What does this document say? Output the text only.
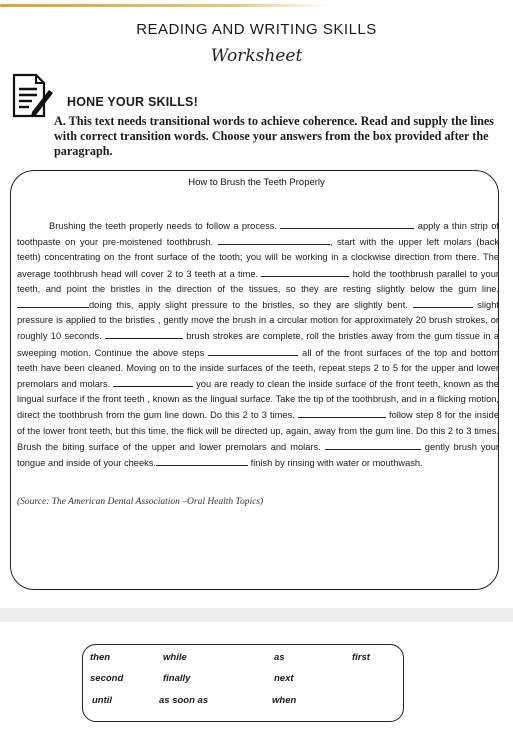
READING AND WRITING SKILLS
Worksheet
HONE YOUR SKILLS!
A. This text needs transitional words to achieve coherence. Read and supply the lines with correct transition words. Choose your answers from the box provided after the paragraph.
How to Brush the Teeth Properly

Brushing the teeth properly needs to follow a process.	apply a thin strip of toothpaste on your pre-moistened toothbrush.	, start with the upper left molars (back teeth) concentrating on the front surface of the tooth; you will be working in a clockwise direction from there. The average toothbrush head will cover 2 to 3 teeth at a time.	hold the toothbrush parallel to your teeth, and point the bristles in the direction of the tissues, so they are resting slightly below the gum line. doing this, apply slight pressure to the bristles, so they are slightly bent.	slight pressure is applied to the bristles , gently move the brush in a circular motion for approximately 20 brush strokes, or roughly 10 seconds.	brush strokes are complete, roll the bristles away from the gum tissue in a sweeping motion. Continue the above steps	all of the front surfaces of the top and bottom teeth have been cleaned. Moving on to the inside surfaces of the teeth, repeat steps 2 to 5 for the upper and lower premolars and molars.	you are ready to clean the inside surface of the front teeth, known as the lingual surface if the front teeth , known as the lingual surface. Take the tip of the toothbrush, and in a flicking motion, direct the toothbrush from the gum line down. Do this 2 to 3 times.	follow step 8 for the inside of the lower front teeth, but this time, the flick will be directed up, again, away from the gum line. Do this 2 to 3 times. Brush the biting surface of the upper and lower premolars and molars.	gently brush your tongue and inside of your cheeks.	finish by rinsing with water or mouthwash.

(Source: The American Dental Association –Oral Health Topics)
then	while	as	first
second	finally	next
until	as soon as	when
